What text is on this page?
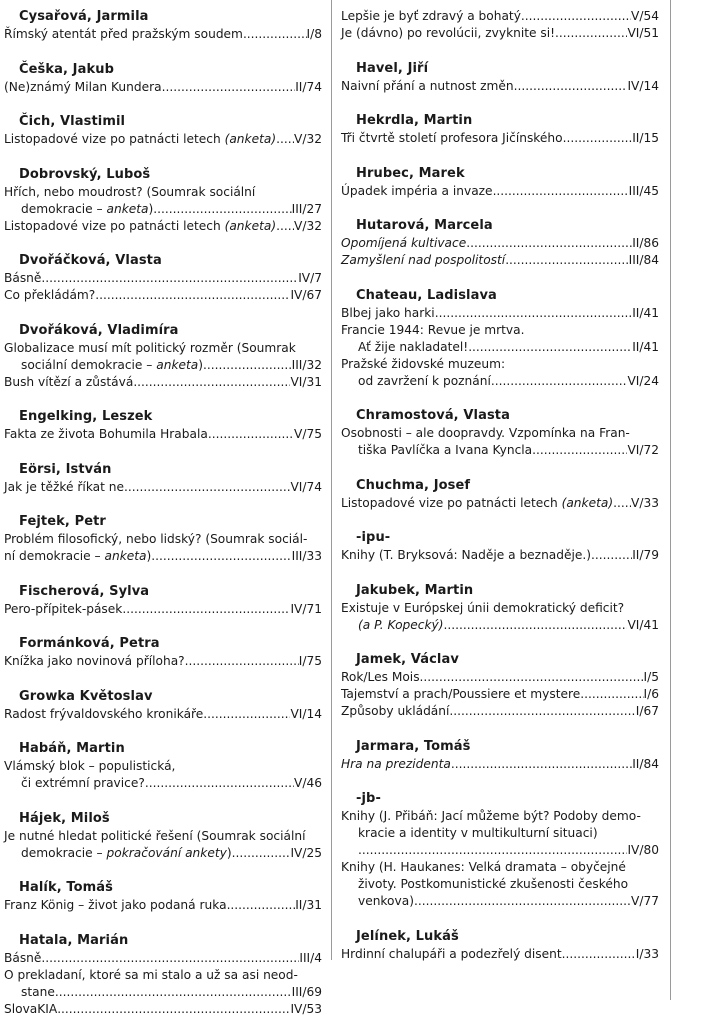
Cysařová, Jarmila
Římský atentát před pražským soudem .....	I/8
Češka, Jakub
(Ne)známý Milan Kundera .....	II/74
Čich, Vlastimil
Listopadové vize po patnácti letech (anketa) ..... V/32
Dobrovský, Luboš
Hřích, nebo moudrost? (Soumrak sociální
demokracie – anketa) .....	III/27
Listopadové vize po patnácti letech (anketa) ..... V/32
Dvořáčková, Vlasta
Básně .....	IV/7
Co překládám? .....	IV/67
Dvořáková, Vladimíra
Globalizace musí mít politický rozměr (Soumrak
sociální demokracie – anketa) .....	III/32
Bush vítězí a zůstává .....	VI/31
Engelking, Leszek
Fakta ze života Bohumila Hrabala .....	V/75
Eörsi, István
Jak je těžké říkat ne .....	VI/74
Fejtek, Petr
Problém filosofický, nebo lidský? (Soumrak sociál-
ní demokracie – anketa) .....	III/33
Fischerová, Sylva
Pero-přípitek-pásek .....	IV/71
Formánková, Petra
Knížka jako novinová příloha? .....	I/75
Growka Květoslav
Radost frývaldovského kronikáře .....	VI/14
Habáň, Martin
Vlámský blok – populistická,
či extrémní pravice? .....	V/46
Hájek, Miloš
Je nutné hledat politické řešení (Soumrak sociální
demokracie – pokračování ankety) .....	IV/25
Halík, Tomáš
Franz König – život jako podaná ruka .....	II/31
Hatala, Marián
Básně .....	III/4
O prekladaní, ktoré sa mi stalo a už sa asi neod-
stane .....	III/69
SlovaKIA .....	IV/53
Lepšie je byť zdravý a bohatý .....	V/54
Je (dávno) po revolúcii, zvyknite si! .....	VI/51
Havel, Jiří
Naivní přání a nutnost změn .....	IV/14
Hekrdla, Martin
Tři čtvrtě století profesora Jičínského .....	II/15
Hrubec, Marek
Úpadek impéria a invaze .....	III/45
Hutarová, Marcela
Opomíjená kultivace .....	II/86
Zamyšlení nad pospolitostí .....	III/84
Chateau, Ladislava
Blbej jako harki .....	II/41
Francie 1944: Revue je mrtva.
Ať žije nakladatel! .....	II/41
Pražské židovské muzeum:
od zavržení k poznání .....	VI/24
Chramostová, Vlasta
Osobnosti – ale doopravdy. Vzpomínka na Fran-
tiška Pavlíčka a Ivana Kyncla .....	VI/72
Chuchma, Josef
Listopadové vize po patnácti letech (anketa) ..... V/33
-ipu-
Knihy (T. Bryksová: Naděje a beznaděje.) .....	II/79
Jakubek, Martin
Existuje v Európskej únii demokratický deficit?
(a P. Kopecký) .....	VI/41
Jamek, Václav
Rok/Les Mois .....	I/5
Tajemství a prach/Poussiere et mystere .....	I/6
Způsoby ukládání .....	I/67
Jarmara, Tomáš
Hra na prezidenta .....	II/84
-jb-
Knihy (J. Přibáň: Jací můžeme být? Podoby demo-
kracie a identity v multikulturní situaci)
.....
IV/80
Knihy (H. Haukanes: Velká dramata – obyčejné
životy. Postkomunistické zkušenosti českého
venkova) .....	V/77
Jelínek, Lukáš
Hrdinní chalupáři a podezřelý disent .....	I/33
